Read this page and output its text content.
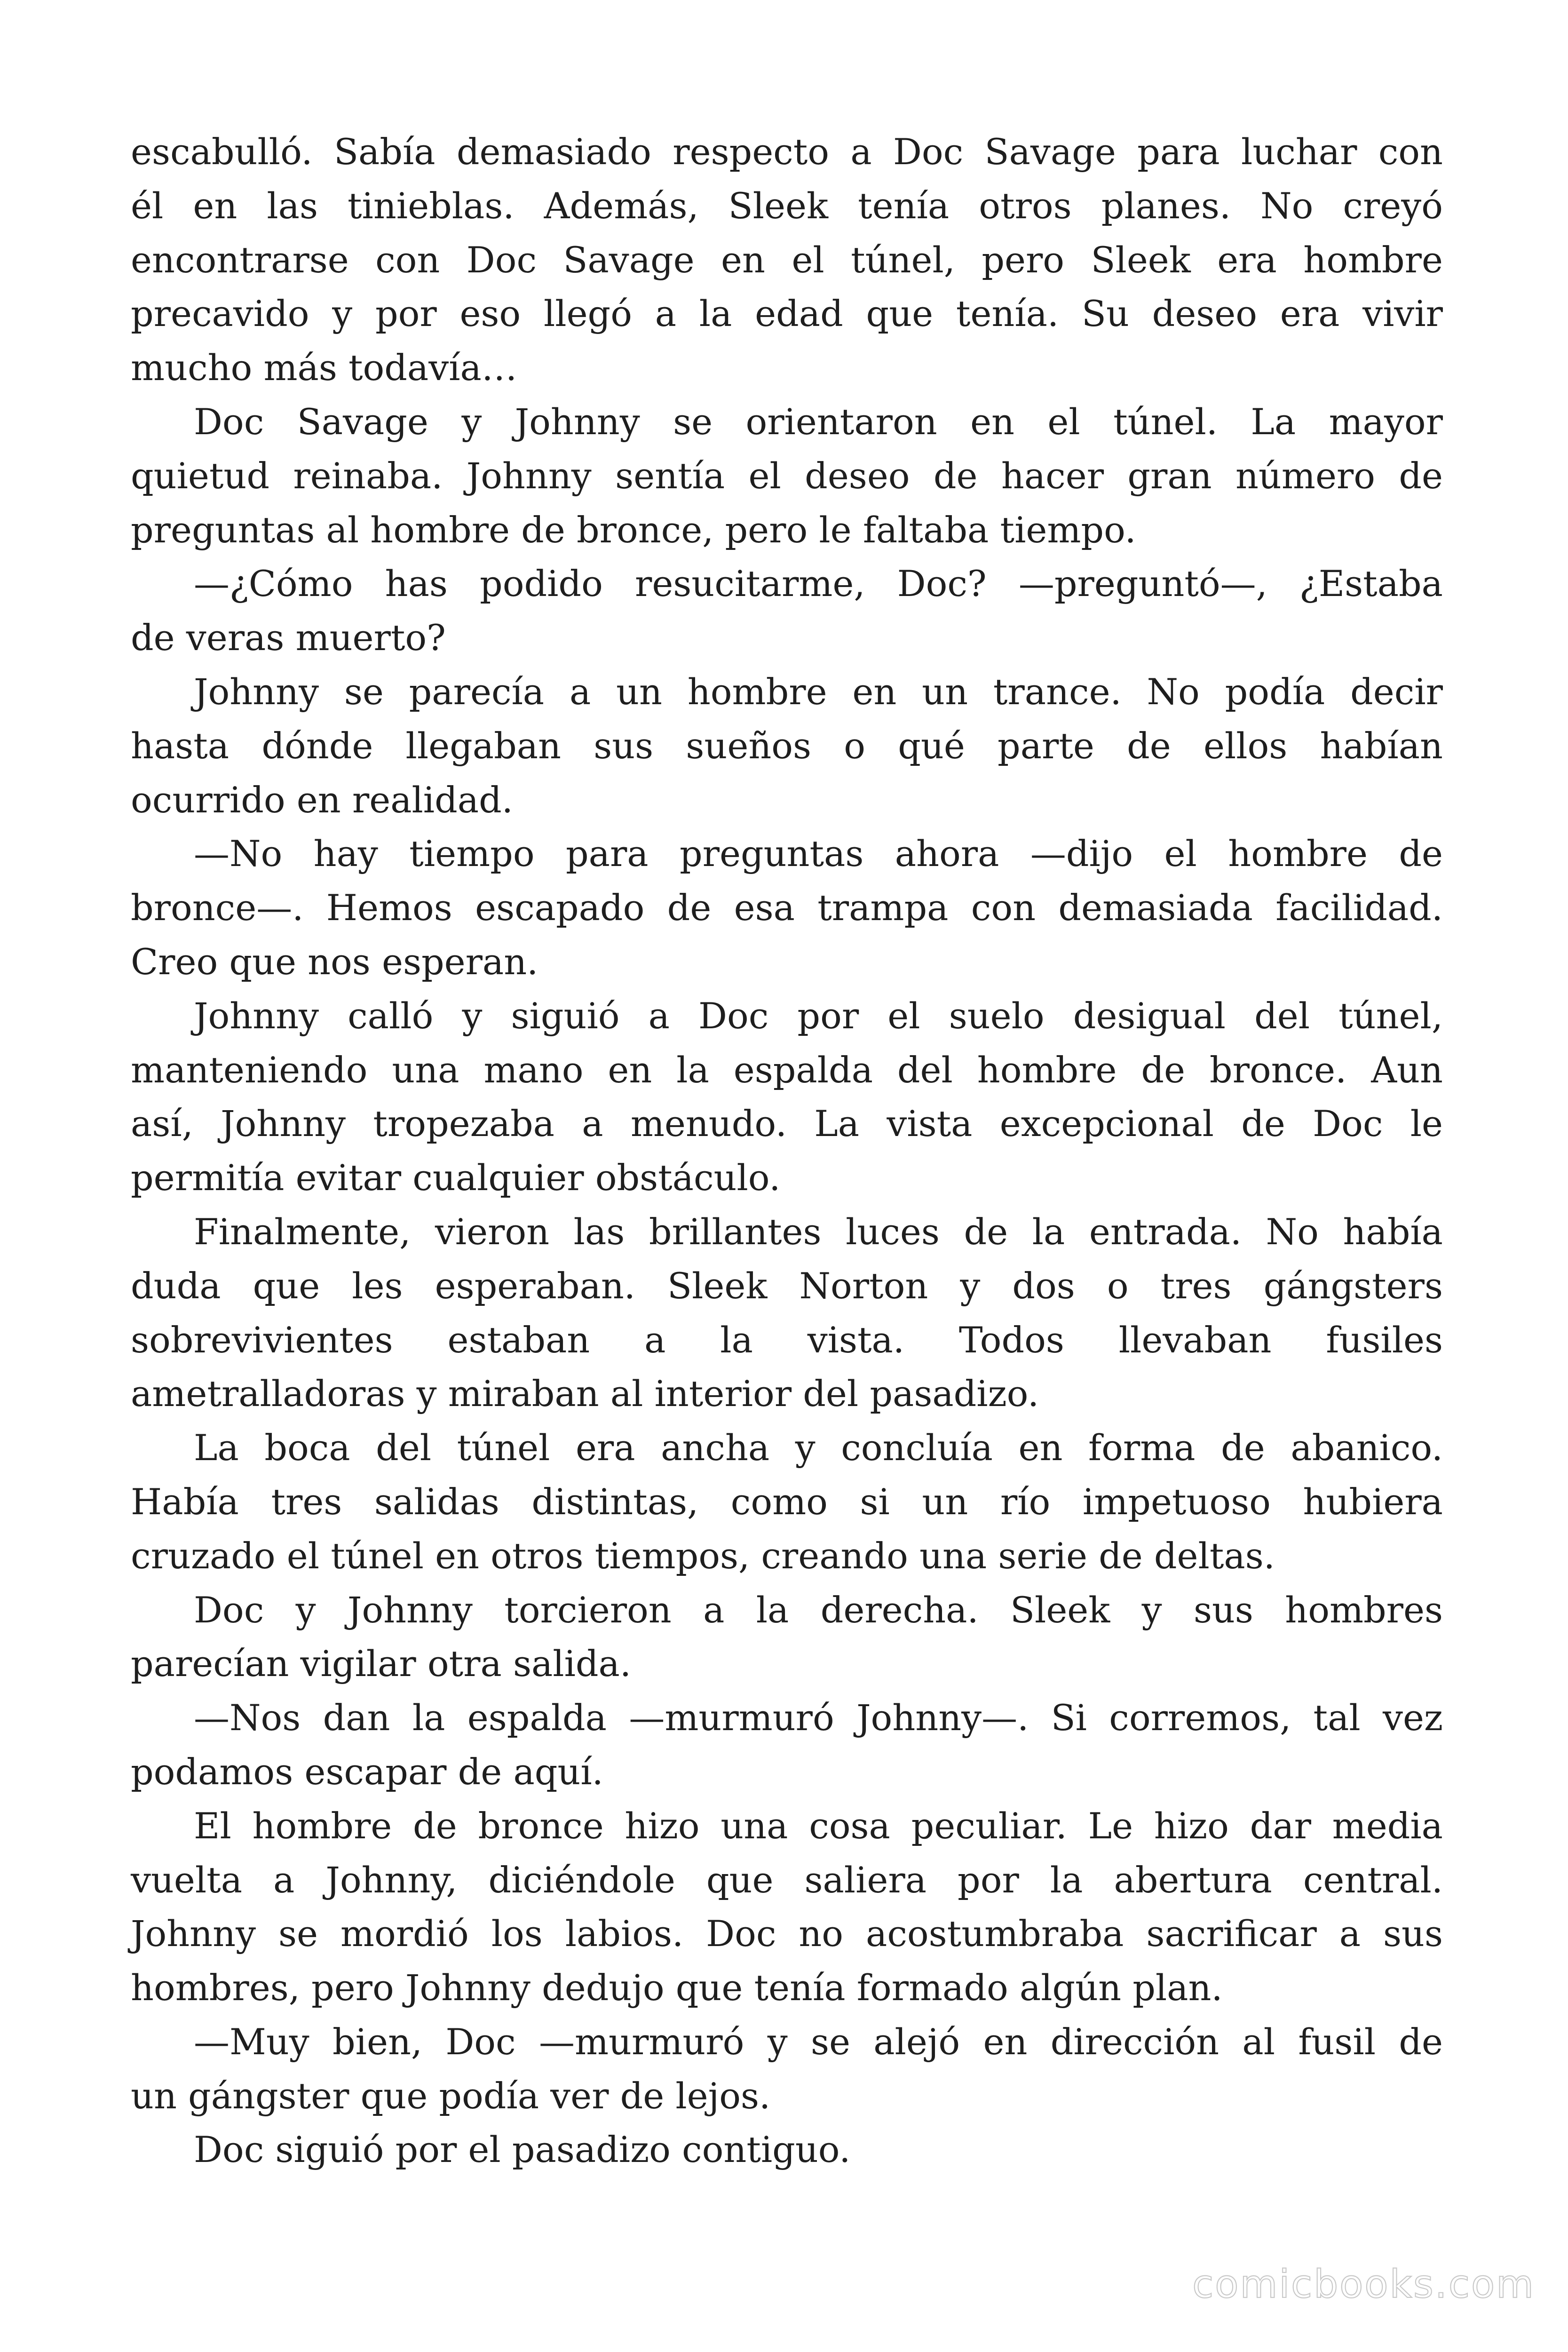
escabulló. Sabía demasiado respecto a Doc Savage para luchar con
él en las tinieblas. Además, Sleek tenía otros planes. No creyó
encontrarse con Doc Savage en el túnel, pero Sleek era hombre
precavido y por eso llegó a la edad que tenía. Su deseo era vivir
mucho más todavía…
Doc Savage y Johnny se orientaron en el túnel. La mayor
quietud reinaba. Johnny sentía el deseo de hacer gran número de
preguntas al hombre de bronce, pero le faltaba tiempo.
—¿Cómo has podido resucitarme, Doc? —preguntó—, ¿Estaba
de veras muerto?
Johnny se parecía a un hombre en un trance. No podía decir
hasta dónde llegaban sus sueños o qué parte de ellos habían
ocurrido en realidad.
—No hay tiempo para preguntas ahora —dijo el hombre de
bronce—. Hemos escapado de esa trampa con demasiada facilidad.
Creo que nos esperan.
Johnny calló y siguió a Doc por el suelo desigual del túnel,
manteniendo una mano en la espalda del hombre de bronce. Aun
así, Johnny tropezaba a menudo. La vista excepcional de Doc le
permitía evitar cualquier obstáculo.
Finalmente, vieron las brillantes luces de la entrada. No había
duda que les esperaban. Sleek Norton y dos o tres gángsters
sobrevivientes estaban a la vista. Todos llevaban fusiles
ametralladoras y miraban al interior del pasadizo.
La boca del túnel era ancha y concluía en forma de abanico.
Había tres salidas distintas, como si un río impetuoso hubiera
cruzado el túnel en otros tiempos, creando una serie de deltas.
Doc y Johnny torcieron a la derecha. Sleek y sus hombres
parecían vigilar otra salida.
—Nos dan la espalda —murmuró Johnny—. Si corremos, tal vez
podamos escapar de aquí.
El hombre de bronce hizo una cosa peculiar. Le hizo dar media
vuelta a Johnny, diciéndole que saliera por la abertura central.
Johnny se mordió los labios. Doc no acostumbraba sacrificar a sus
hombres, pero Johnny dedujo que tenía formado algún plan.
—Muy bien, Doc —murmuró y se alejó en dirección al fusil de
un gángster que podía ver de lejos.
Doc siguió por el pasadizo contiguo.
comicbooks.com
